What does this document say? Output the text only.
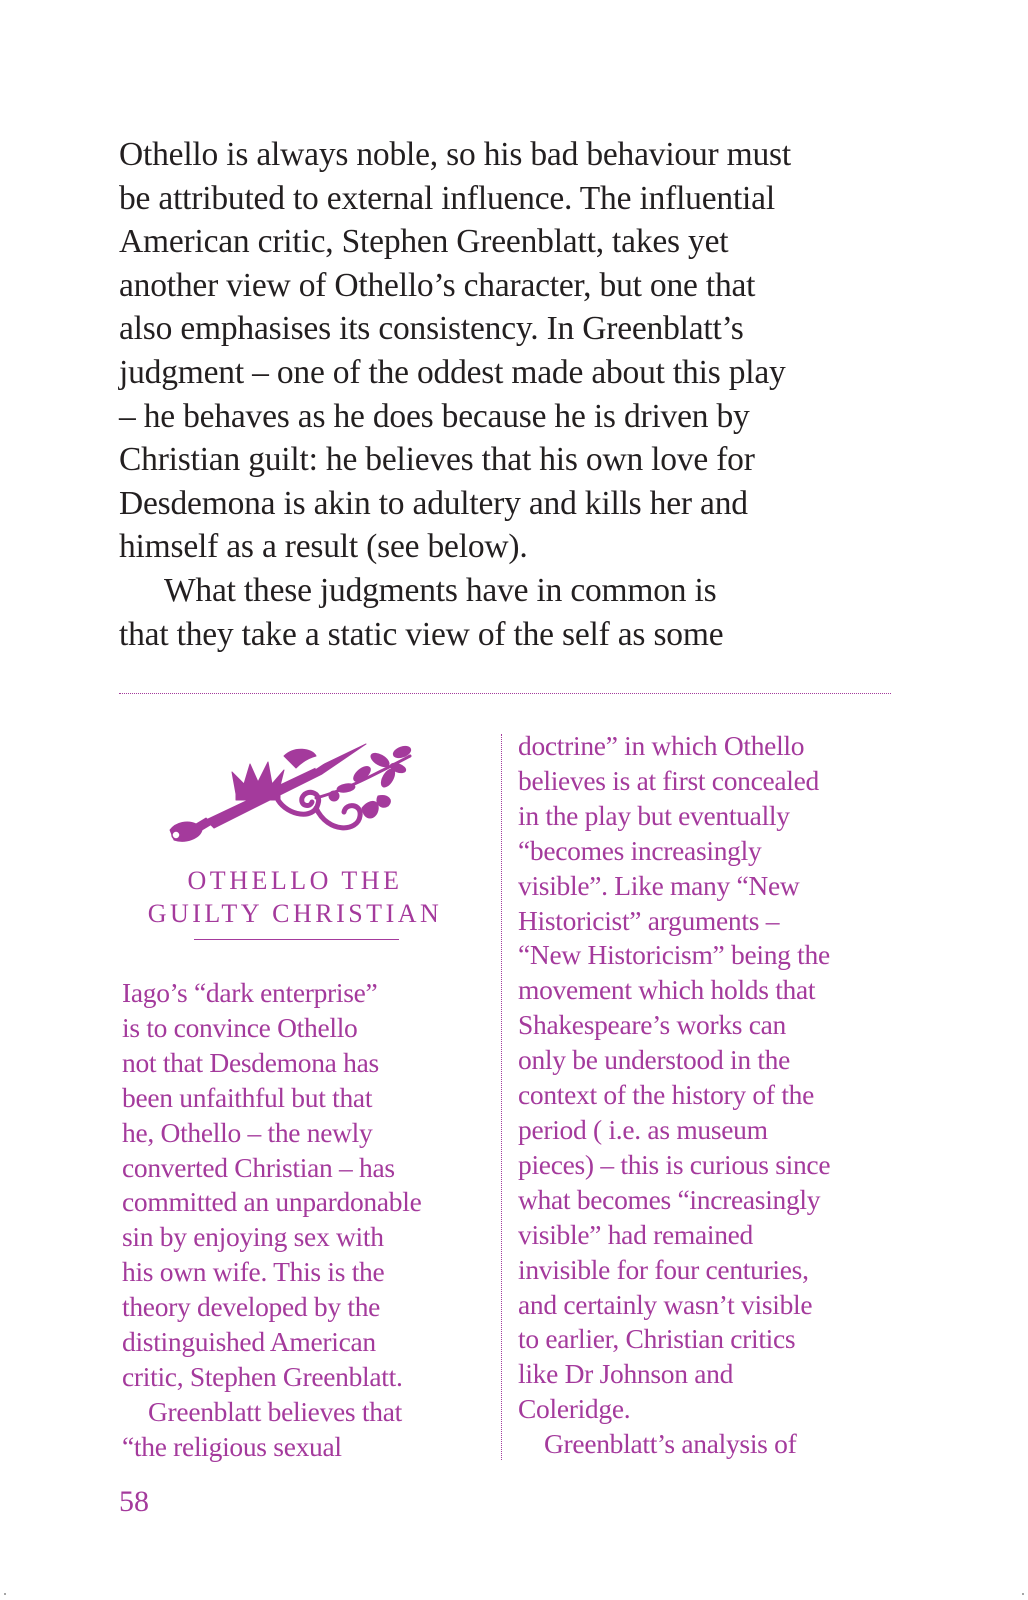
Othello is always noble, so his bad behaviour must
be attributed to external influence. The influential
American critic, Stephen Greenblatt, takes yet
another view of Othello’s character, but one that
also emphasises its consistency. In Greenblatt’s
judgment – one of the oddest made about this play
– he behaves as he does because he is driven by
Christian guilt: he believes that his own love for
Desdemona is akin to adultery and kills her and
himself as a result (see below).
What these judgments have in common is
that they take a static view of the self as some
OTHELLO THE
GUILTY CHRISTIAN
Iago’s “dark enterprise”
is to convince Othello
not that Desdemona has
been unfaithful but that
he, Othello – the newly
converted Christian – has
committed an unpardonable
sin by enjoying sex with
his own wife. This is the
theory developed by the
distinguished American
critic, Stephen Greenblatt.
Greenblatt believes that
“the religious sexual
doctrine” in which Othello
believes is at first concealed
in the play but eventually
“becomes increasingly
visible”. Like many “New
Historicist” arguments –
“New Historicism” being the
movement which holds that
Shakespeare’s works can
only be understood in the
context of the history of the
period ( i.e. as museum
pieces) – this is curious since
what becomes “increasingly
visible” had remained
invisible for four centuries,
and certainly wasn’t visible
to earlier, Christian critics
like Dr Johnson and
Coleridge.
Greenblatt’s analysis of
58
